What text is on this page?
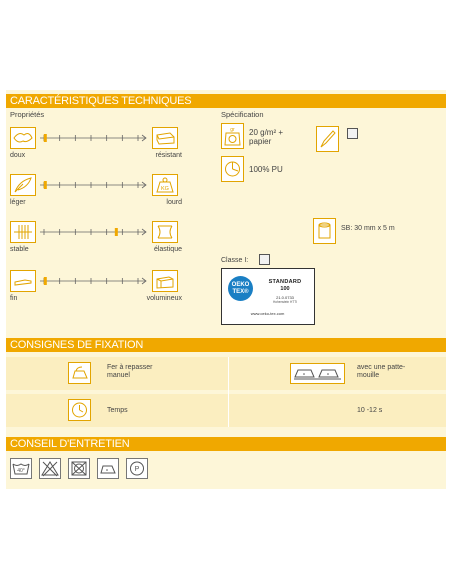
CARACTÉRISTIQUES TECHNIQUES
CONSIGNES DE FIXATION
CONSEIL D'ENTRETIEN
Propriétés
doux	résistant
léger	lourd
stable	élastique
fin	volumineux
KG
Spécification
gr 20 g/m² +
papier
100% PU
SB: 30 mm x 5 m
Classe I:
OEKO
TEX®
STANDARD
100
21.0.0733
Hohenstein HTTI
www.oeko-tex.com
Fer à repasser manuel
avec une patte-mouille
Temps	10 -12 s
40°	P
